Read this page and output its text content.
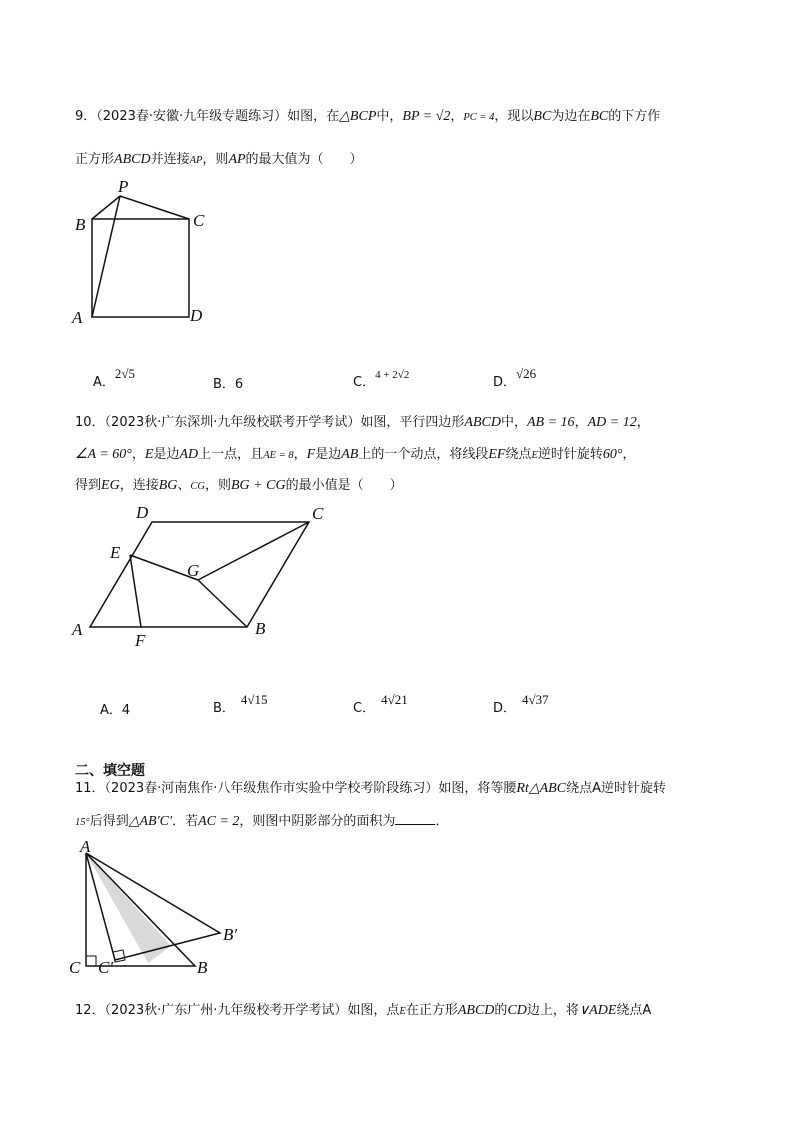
9．（2023春·安徽·九年级专题练习）如图，在△BCP中，BP = √2，PC = 4，现以BC为边在BC的下方作
正方形ABCD并连接AP，则AP的最大值为（　　）
P
B	C
A	D
A．2√5
B．6	C．$^{4 + 2√2}$	D．√26
10．（2023秋·广东深圳·九年级校联考开学考试）如图，平行四边形ABCD中，AB = 16，AD = 12，
∠A = 60°，E是边AD上一点，且AE = 8，F是边AB上的一个动点，将线段EF绕点E逆时针旋转60°，
得到EG，连接BG、CG，则BG + CG的最小值是（　　）
D	C
E
G
A
F
B
A．4	B．4√15
C．4√21
D．4√37
二、填空题
11．（2023春·河南焦作·八年级焦作市实验中学校考阶段练习）如图，将等腰Rt△ABC绕点A逆时针旋转
15°后得到△AB′C′．若AC = 2，则图中阴影部分的面积为	．
A
B′
C C′	B
12．（2023秋·广东广州·九年级校考开学考试）如图，点E在正方形ABCD的CD边上，将∨ADE绕点A
